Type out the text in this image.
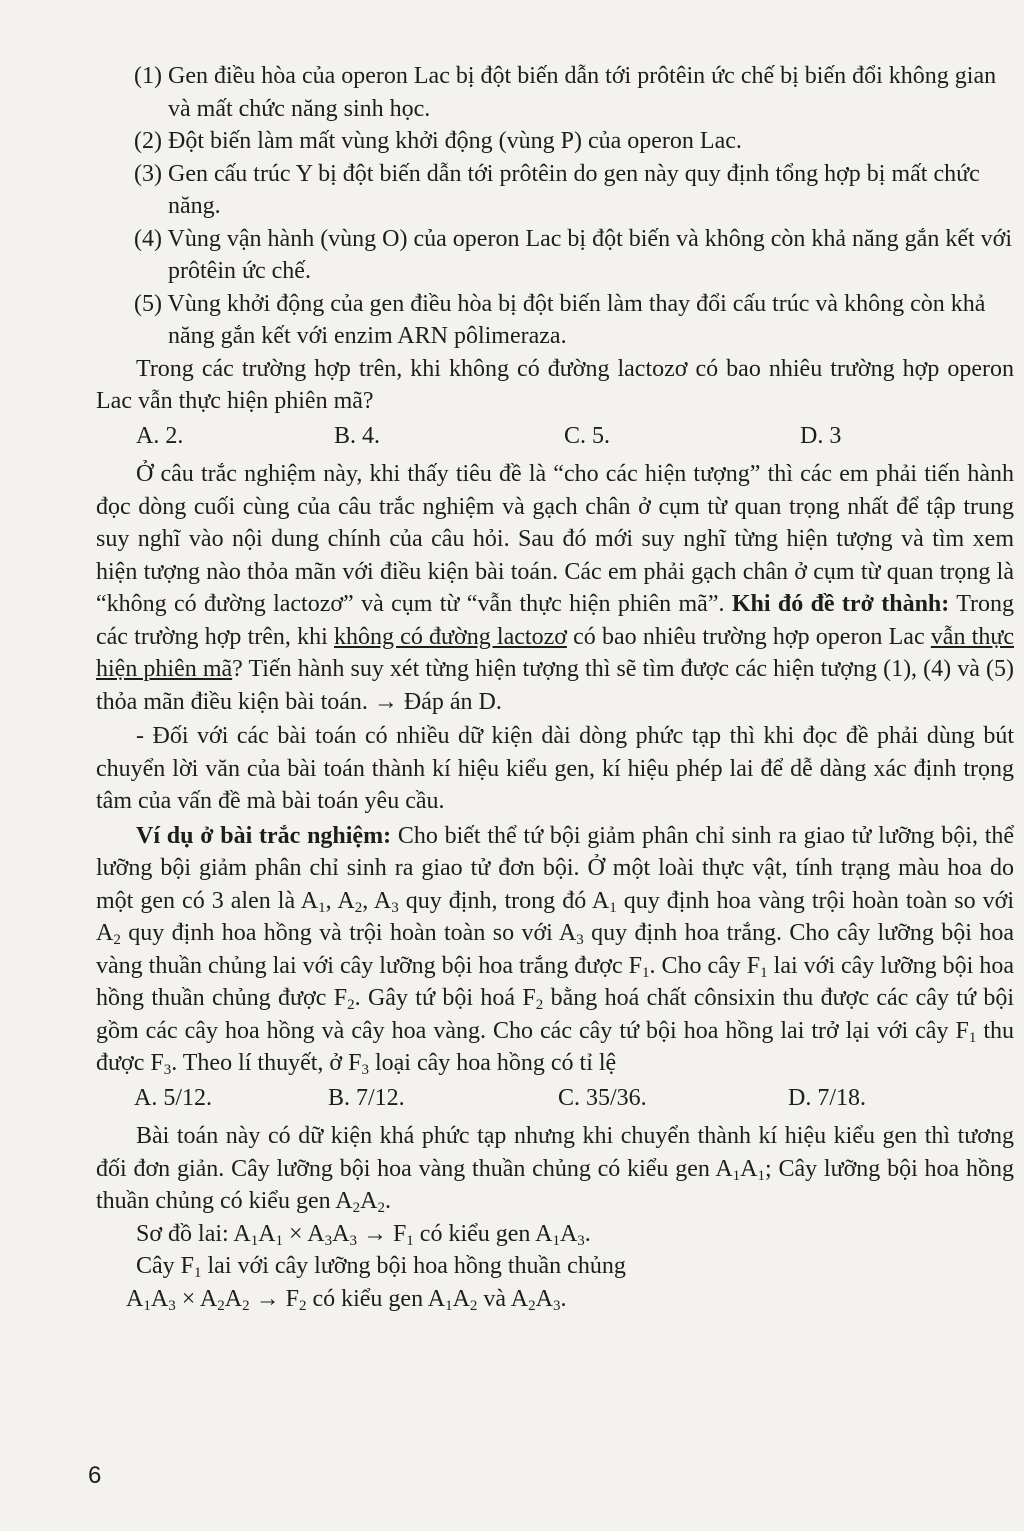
(1) Gen điều hòa của operon Lac bị đột biến dẫn tới prôtêin ức chế bị biến đổi không gian và mất chức năng sinh học.

(2) Đột biến làm mất vùng khởi động (vùng P) của operon Lac.

(3) Gen cấu trúc Y bị đột biến dẫn tới prôtêin do gen này quy định tổng hợp bị mất chức năng.

(4) Vùng vận hành (vùng O) của operon Lac bị đột biến và không còn khả năng gắn kết với prôtêin ức chế.

(5) Vùng khởi động của gen điều hòa bị đột biến làm thay đổi cấu trúc và không còn khả năng gắn kết với enzim ARN pôlimeraza.

Trong các trường hợp trên, khi không có đường lactozơ có bao nhiêu trường hợp operon Lac vẫn thực hiện phiên mã?

A. 2.	B. 4.	C. 5.	D. 3

Ở câu trắc nghiệm này, khi thấy tiêu đề là “cho các hiện tượng” thì các em phải tiến hành đọc dòng cuối cùng của câu trắc nghiệm và gạch chân ở cụm từ quan trọng nhất để tập trung suy nghĩ vào nội dung chính của câu hỏi. Sau đó mới suy nghĩ từng hiện tượng và tìm xem hiện tượng nào thỏa mãn với điều kiện bài toán. Các em phải gạch chân ở cụm từ quan trọng là “không có đường lactozơ” và cụm từ “vẫn thực hiện phiên mã”. Khi đó đề trở thành: Trong các trường hợp trên, khi không có đường lactozơ có bao nhiêu trường hợp operon Lac vẫn thực hiện phiên mã? Tiến hành suy xét từng hiện tượng thì sẽ tìm được các hiện tượng (1), (4) và (5) thỏa mãn điều kiện bài toán. → Đáp án D.

- Đối với các bài toán có nhiều dữ kiện dài dòng phức tạp thì khi đọc đề phải dùng bút chuyển lời văn của bài toán thành kí hiệu kiểu gen, kí hiệu phép lai để dễ dàng xác định trọng tâm của vấn đề mà bài toán yêu cầu.

Ví dụ ở bài trắc nghiệm: Cho biết thể tứ bội giảm phân chỉ sinh ra giao tử lưỡng bội, thể lưỡng bội giảm phân chỉ sinh ra giao tử đơn bội. Ở một loài thực vật, tính trạng màu hoa do một gen có 3 alen là $A_1$, $A_2$, $A_3$ quy định, trong đó $A_1$ quy định hoa vàng trội hoàn toàn so với $A_2$ quy định hoa hồng và trội hoàn toàn so với $A_3$ quy định hoa trắng. Cho cây lưỡng bội hoa vàng thuần chủng lai với cây lưỡng bội hoa trắng được $F_1$. Cho cây $F_1$ lai với cây lưỡng bội hoa hồng thuần chủng được $F_2$. Gây tứ bội hoá $F_2$ bằng hoá chất cônsixin thu được các cây tứ bội gồm các cây hoa hồng và cây hoa vàng. Cho các cây tứ bội hoa hồng lai trở lại với cây $F_1$ thu được $F_3$. Theo lí thuyết, ở $F_3$ loại cây hoa hồng có tỉ lệ

A. 5/12.	B. 7/12.	C. 35/36.	D. 7/18.

Bài toán này có dữ kiện khá phức tạp nhưng khi chuyển thành kí hiệu kiểu gen thì tương đối đơn giản. Cây lưỡng bội hoa vàng thuần chủng có kiểu gen $A_1A_1$; Cây lưỡng bội hoa hồng thuần chủng có kiểu gen $A_2A_2$.

Sơ đồ lai: $A_1A_1 \times A_3A_3 \to F_1$ có kiểu gen $A_1A_3$.

Cây $F_1$ lai với cây lưỡng bội hoa hồng thuần chủng

$A_1A_3 \times A_2A_2 \to F_2$ có kiểu gen $A_1A_2$ và $A_2A_3$.

6
